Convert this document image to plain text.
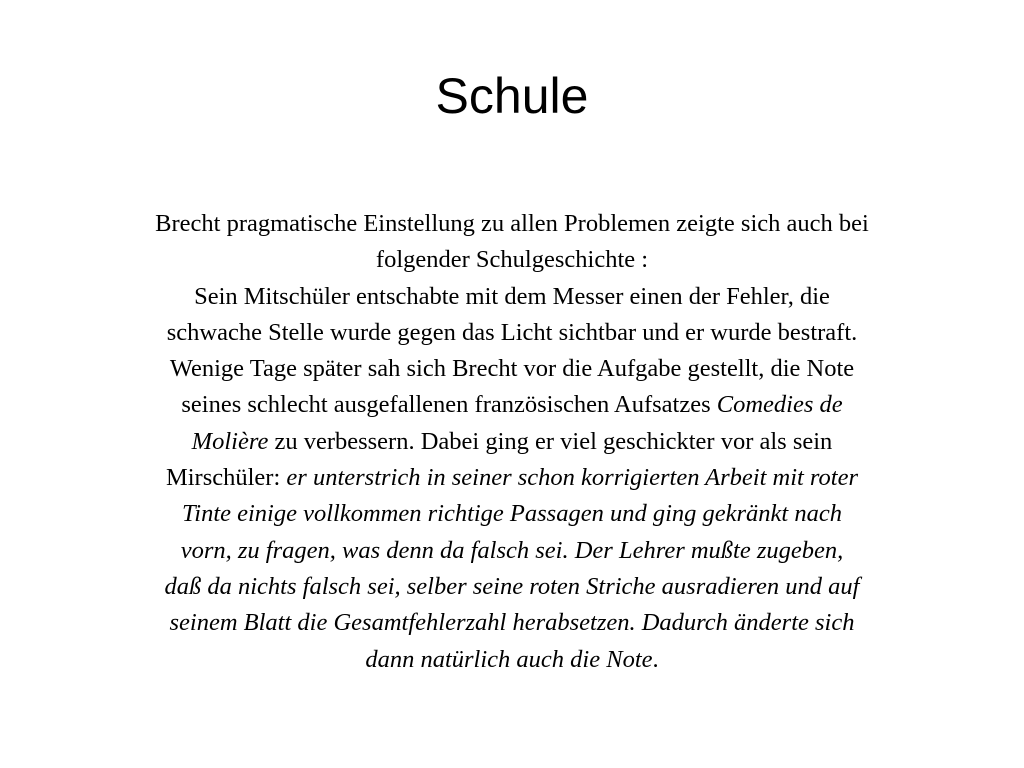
Schule
Brecht pragmatische Einstellung zu allen Problemen zeigte sich auch bei
folgender Schulgeschichte :
Sein Mitschüler entschabte mit dem Messer einen der Fehler, die
schwache Stelle wurde gegen das Licht sichtbar und er wurde bestraft.
Wenige Tage später sah sich Brecht vor die Aufgabe gestellt, die Note
seines schlecht ausgefallenen französischen Aufsatzes Comedies de
Molière zu verbessern. Dabei ging er viel geschickter vor als sein
Mirschüler: er unterstrich in seiner schon korrigierten Arbeit mit roter
Tinte einige vollkommen richtige Passagen und ging gekränkt nach
vorn, zu fragen, was denn da falsch sei. Der Lehrer mußte zugeben,
daß da nichts falsch sei, selber seine roten Striche ausradieren und auf
seinem Blatt die Gesamtfehlerzahl herabsetzen. Dadurch änderte sich
dann natürlich auch die Note.
